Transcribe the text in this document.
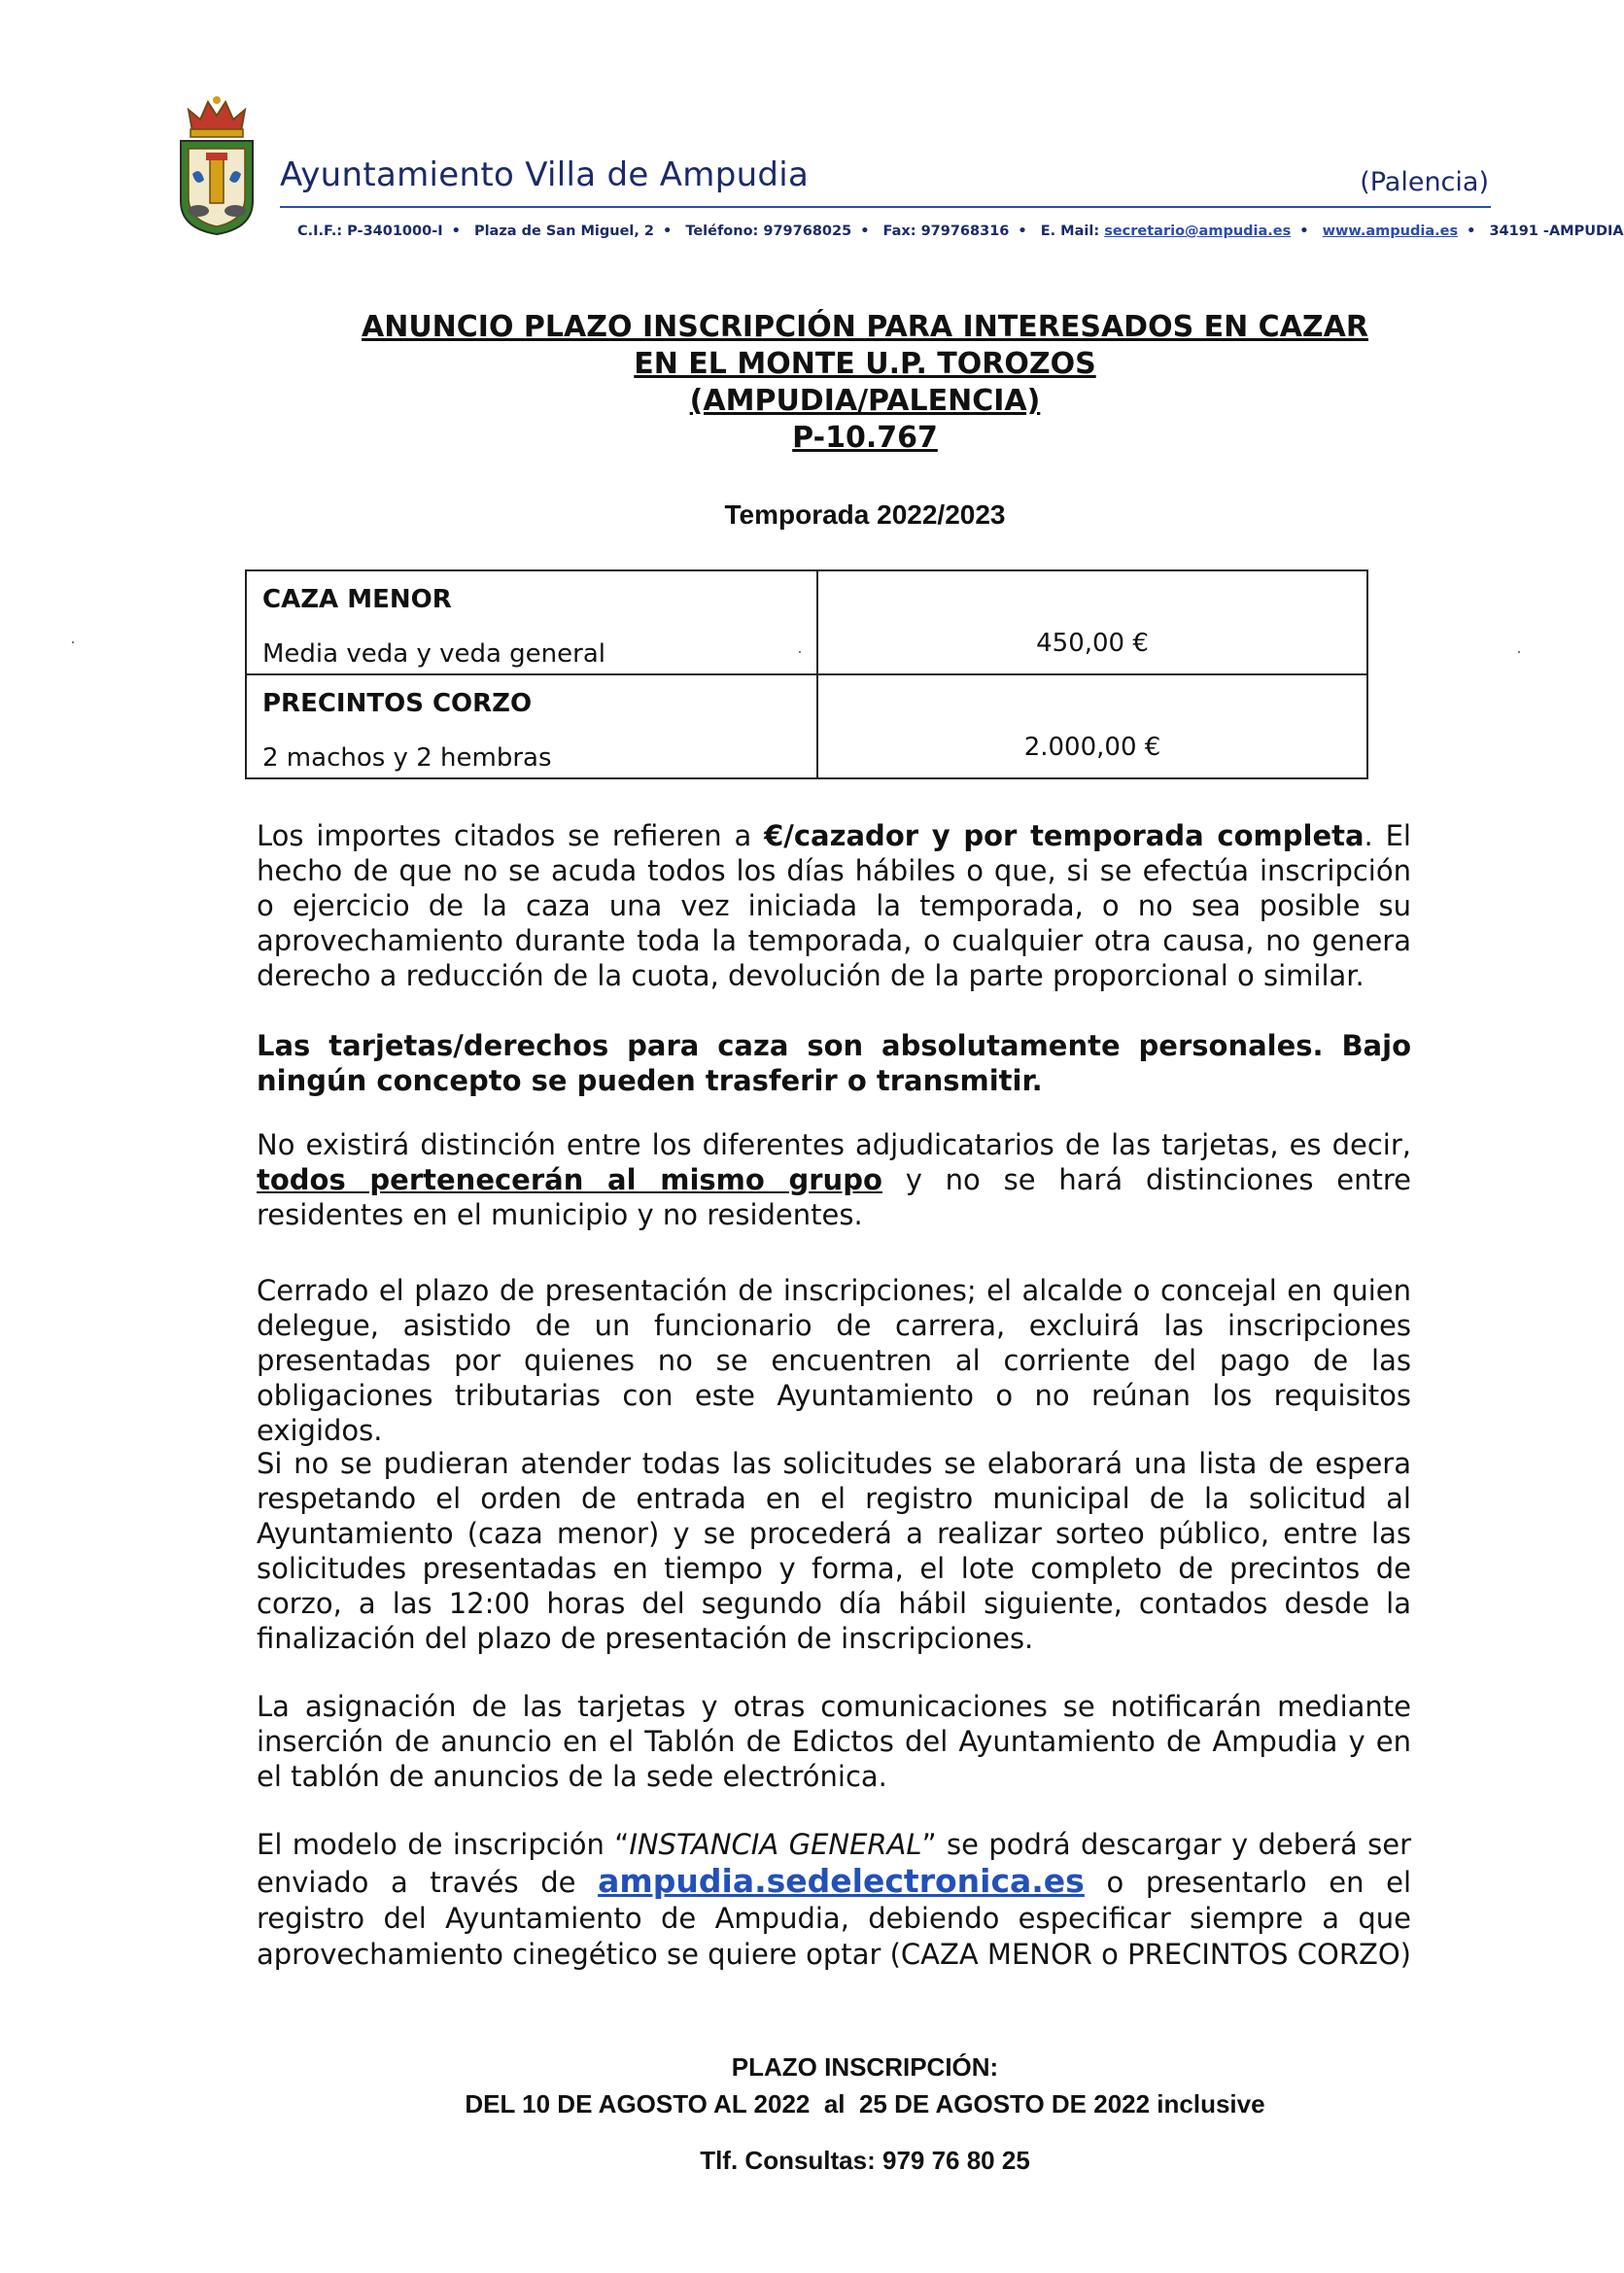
Ayuntamiento Villa de Ampudia	(Palencia)
C.I.F.: P-3401000-I • Plaza de San Miguel, 2 • Teléfono: 979768025 • Fax: 979768316 • E. Mail: secretario@ampudia.es • www.ampudia.es • 34191 -AMPUDIA
ANUNCIO PLAZO INSCRIPCIÓN PARA INTERESADOS EN CAZAR
EN EL MONTE U.P. TOROZOS
(AMPUDIA/PALENCIA)
P-10.767
Temporada 2022/2023
CAZA MENOR
Media veda y veda general	450,00 €

PRECINTOS CORZO
2 machos y 2 hembras	2.000,00 €

Los importes citados se refieren a €/cazador y por temporada completa. El hecho de que no se acuda todos los días hábiles o que, si se efectúa inscripción o ejercicio de la caza una vez iniciada la temporada, o no sea posible su aprovechamiento durante toda la temporada, o cualquier otra causa, no genera derecho a reducción de la cuota, devolución de la parte proporcional o similar.

Las tarjetas/derechos para caza son absolutamente personales. Bajo ningún concepto se pueden trasferir o transmitir.

No existirá distinción entre los diferentes adjudicatarios de las tarjetas, es decir, todos pertenecerán al mismo grupo y no se hará distinciones entre residentes en el municipio y no residentes.

Cerrado el plazo de presentación de inscripciones; el alcalde o concejal en quien delegue, asistido de un funcionario de carrera, excluirá las inscripciones presentadas por quienes no se encuentren al corriente del pago de las obligaciones tributarias con este Ayuntamiento o no reúnan los requisitos exigidos.

Si no se pudieran atender todas las solicitudes se elaborará una lista de espera respetando el orden de entrada en el registro municipal de la solicitud al Ayuntamiento (caza menor) y se procederá a realizar sorteo público, entre las solicitudes presentadas en tiempo y forma, el lote completo de precintos de corzo, a las 12:00 horas del segundo día hábil siguiente, contados desde la finalización del plazo de presentación de inscripciones.

La asignación de las tarjetas y otras comunicaciones se notificarán mediante inserción de anuncio en el Tablón de Edictos del Ayuntamiento de Ampudia y en el tablón de anuncios de la sede electrónica.

El modelo de inscripción “INSTANCIA GENERAL” se podrá descargar y deberá ser enviado a través de ampudia.sedelectronica.es o presentarlo en el registro del Ayuntamiento de Ampudia, debiendo especificar siempre a que aprovechamiento cinegético se quiere optar (CAZA MENOR o PRECINTOS CORZO)

PLAZO INSCRIPCIÓN:
DEL 10 DE AGOSTO AL 2022  al  25 DE AGOSTO DE 2022 inclusive
Tlf. Consultas: 979 76 80 25
